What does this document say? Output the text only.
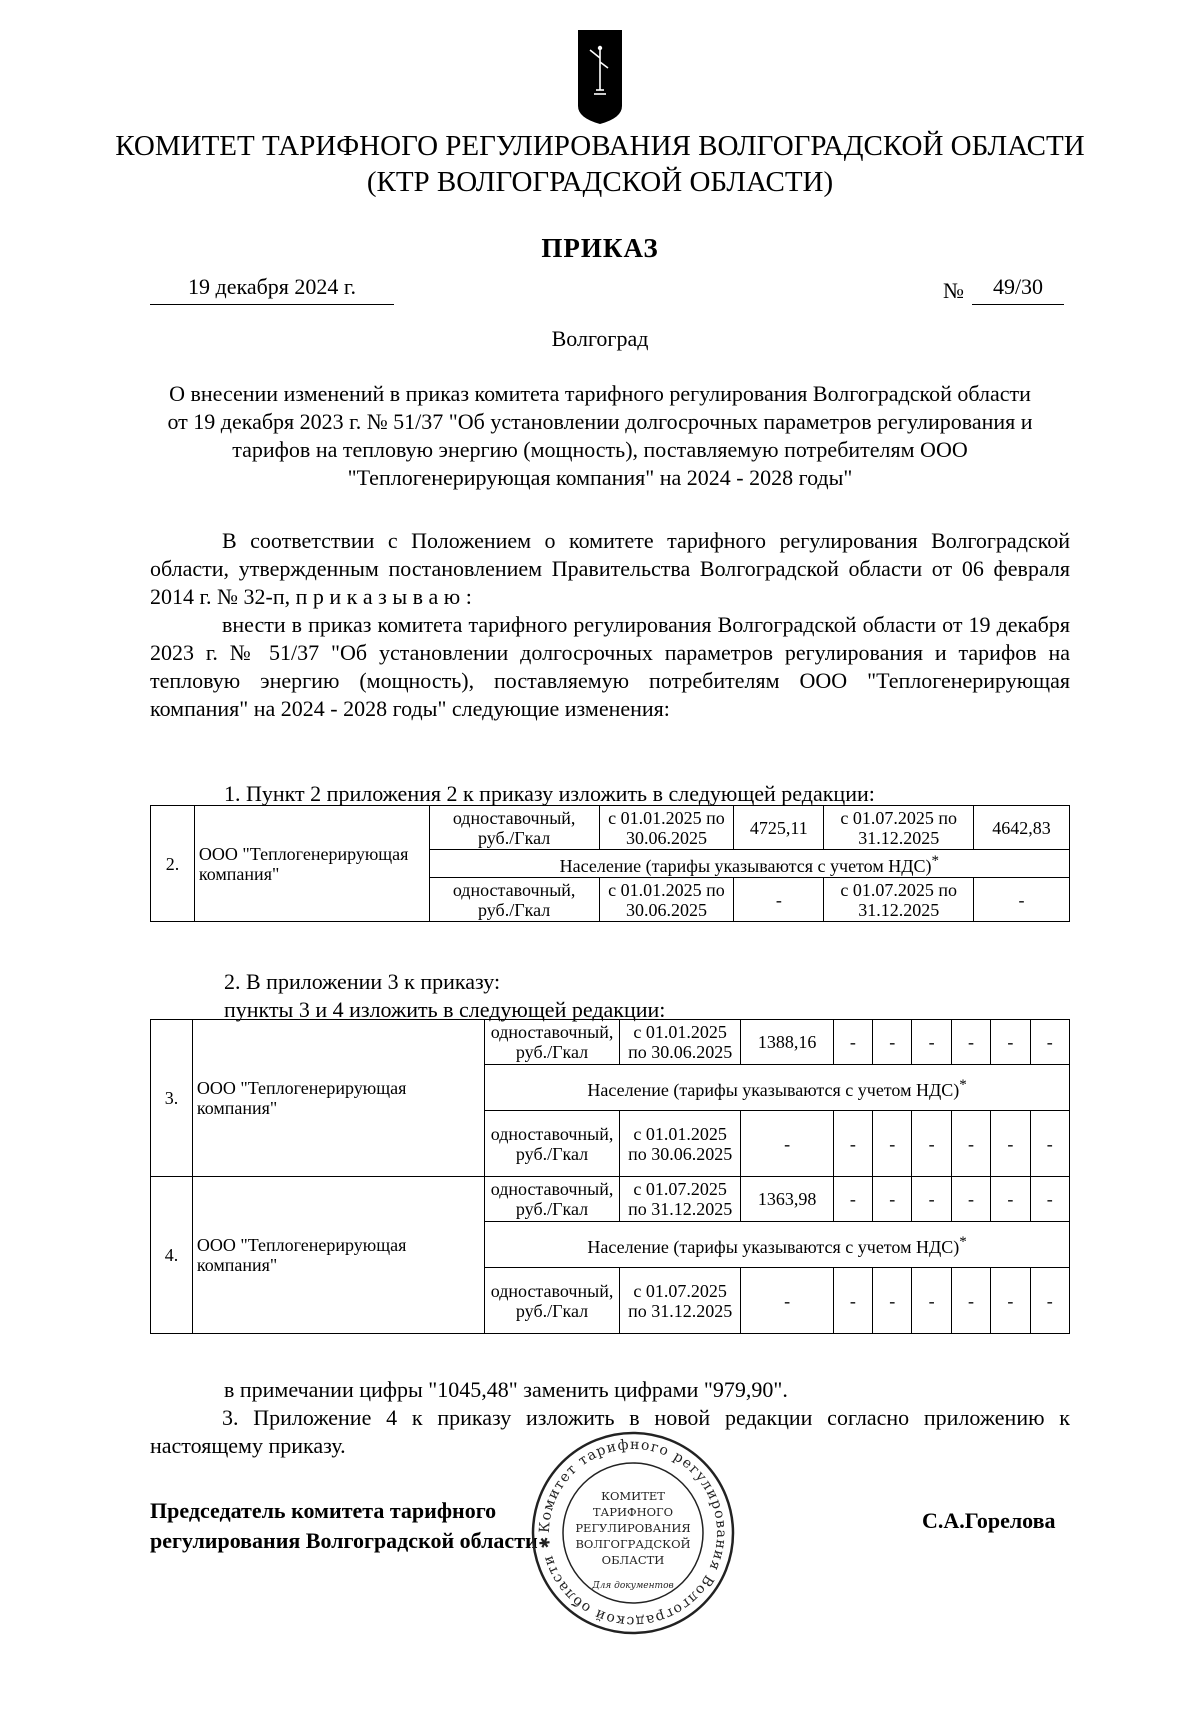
КОМИТЕТ ТАРИФНОГО РЕГУЛИРОВАНИЯ ВОЛГОГРАДСКОЙ ОБЛАСТИ
(КТР ВОЛГОГРАДСКОЙ ОБЛАСТИ)
ПРИКАЗ
19 декабря 2024 г.	№	49/30
Волгоград
О внесении изменений в приказ комитета тарифного регулирования Волгоградской области от 19 декабря 2023 г. № 51/37 "Об установлении долгосрочных параметров регулирования и тарифов на тепловую энергию (мощность), поставляемую потребителям ООО "Теплогенерирующая компания" на 2024 - 2028 годы"
В соответствии с Положением о комитете тарифного регулирования Волгоградской области, утвержденным постановлением Правительства Волгоградской области от 06 февраля 2014 г. № 32-п, п р и к а з ы в а ю :
внести в приказ комитета тарифного регулирования Волгоградской области от 19 декабря 2023 г. № 51/37 "Об установлении долгосрочных параметров регулирования и тарифов на тепловую энергию (мощность), поставляемую потребителям ООО "Теплогенерирующая компания" на 2024 - 2028 годы" следующие изменения:
1. Пункт 2 приложения 2 к приказу изложить в следующей редакции:
2.	ООО "Теплогенерирующая компания"	одноставочный, руб./Гкал	с 01.01.2025 по 30.06.2025	4725,11	с 01.07.2025 по 31.12.2025	4642,83
		Население (тарифы указываются с учетом НДС)*
		одноставочный, руб./Гкал	с 01.01.2025 по 30.06.2025	-	с 01.07.2025 по 31.12.2025	-
2. В приложении 3 к приказу:
пункты 3 и 4 изложить в следующей редакции:
3.	ООО "Теплогенерирующая компания"	одноставочный, руб./Гкал	с 01.01.2025 по 30.06.2025	1388,16	-	-	-	-	-	-
		Население (тарифы указываются с учетом НДС)*
		одноставочный, руб./Гкал	с 01.01.2025 по 30.06.2025	-	-	-	-	-	-	-
4.	ООО "Теплогенерирующая компания"	одноставочный, руб./Гкал	с 01.07.2025 по 31.12.2025	1363,98	-	-	-	-	-	-
		Население (тарифы указываются с учетом НДС)*
		одноставочный, руб./Гкал	с 01.07.2025 по 31.12.2025	-	-	-	-	-	-	-
в примечании цифры "1045,48" заменить цифрами "979,90".
3. Приложение 4 к приказу изложить в новой редакции согласно приложению к настоящему приказу.
Председатель комитета тарифного
регулирования Волгоградской области
С.А.Горелова
Комитет тарифного регулирования Волгоградской области ✱
КОМИТЕТ
ТАРИФНОГО
РЕГУЛИРОВАНИЯ
ВОЛГОГРАДСКОЙ
ОБЛАСТИ
Для документов
